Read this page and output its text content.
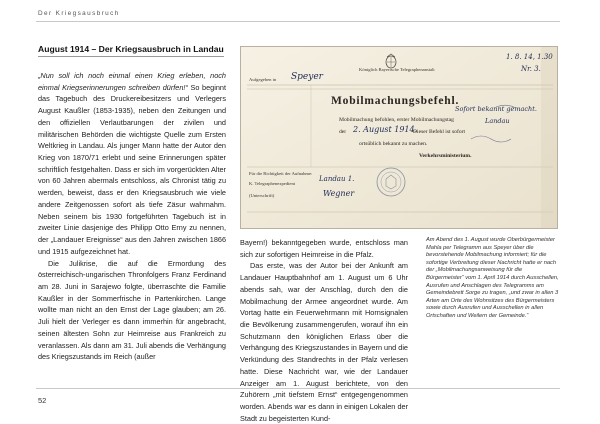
Der Kriegsausbruch
August 1914 – Der Kriegsausbruch in Landau

„Nun soll ich noch einmal einen Krieg erleben, noch einmal Kriegserinnerungen schreiben dürfen!“ So beginnt das Tagebuch des Druckereibesitzers und Verlegers August Kaußler (1853-1935), neben den Zeitungen und den offiziellen Verlautbarungen der zivilen und militärischen Behörden die wichtigste Quelle zum Ersten Weltkrieg in Landau. Als junger Mann hatte der Autor den Krieg von 1870/71 erlebt und seine Erinnerungen später schriftlich festgehalten. Dass er sich im vorgerückten Alter von 60 Jahren abermals entschloss, als Chronist tätig zu werden, beweist, dass er den Kriegsausbruch wie viele andere Zeitgenossen sofort als tiefe Zäsur wahrnahm. Neben seinem bis 1930 fortgeführten Tagebuch ist in zweiter Linie dasjenige des Philipp Otto Erny zu nennen, der „Landauer Ereignisse“ aus den Jahren zwischen 1866 und 1915 aufgezeichnet hat.

Die Julikrise, die auf die Ermordung des österreichisch-ungarischen Thronfolgers Franz Ferdinand am 28. Juni in Sarajewo folgte, überraschte die Familie Kaußler in der Sommerfrische in Partenkirchen. Lange wollte man nicht an den Ernst der Lage glauben; am 26. Juli hielt der Verleger es dann immerhin für angebracht, seinen ältesten Sohn zur Heimreise aus Frankreich zu veranlassen. Als dann am 31. Juli abends die Verhängung des Kriegszustands im Reich (außer

Königlich Bayerische Telegraphenanstalt
Aufgegeben in Speyer
1. 8. 14, 1.30
Nr. 3.
Mobilmachungsbefehl.
Mobilmachung befohlen, erster Mobilmachungstag
der 2. August 1914.
Dieser Befehl ist sofort
ortsüblich bekannt zu machen.
Verkehrsministerium.
Sofort bekannt gemacht.
Landau
Für die Richtigkeit der Aufnahme:
K. Telegraphenexpedient
(Unterschrift)
Landau 1.
Wegner

Bayern!) bekanntgegeben wurde, entschloss man sich zur sofortigen Heimreise in die Pfalz.

Das erste, was der Autor bei der Ankunft am Landauer Hauptbahnhof am 1. August um 6 Uhr abends sah, war der Anschlag, durch den die Mobilmachung der Armee angeordnet wurde. Am Vortag hatte ein Feuerwehrmann mit Hornsignalen die Bevölkerung zusammengerufen, worauf ihn ein Schutzmann den königlichen Erlass über die Verhängung des Kriegszustandes in Bayern und die Verkündung des Standrechts in der Pfalz verlesen hatte. Diese Nachricht war, wie der Landauer Anzeiger am 1. August berichtete, von den Zuhörern „mit tiefstem Ernst“ entgegengenommen worden. Abends war es dann in einigen Lokalen der Stadt zu begeisterten Kund-

Am Abend des 1. August wurde Oberbürgermeister Mahla per Telegramm aus Speyer über die bevorstehende Mobilmachung informiert; für die sofortige Verbreitung dieser Nachricht hatte er nach der „Mobilmachungsanweisung für die Bürgermeister“ vom 1. April 1914 durch Ausschellen, Ausrufen und Anschlagen des Telegramms am Gemeindebrett Sorge zu tragen, „und zwar in allen 3 Arten am Orte des Wohnsitzes des Bürgermeisters sowie durch Ausrufen und Ausschellen in allen Ortschaften und Weilern der Gemeinde.“
52
